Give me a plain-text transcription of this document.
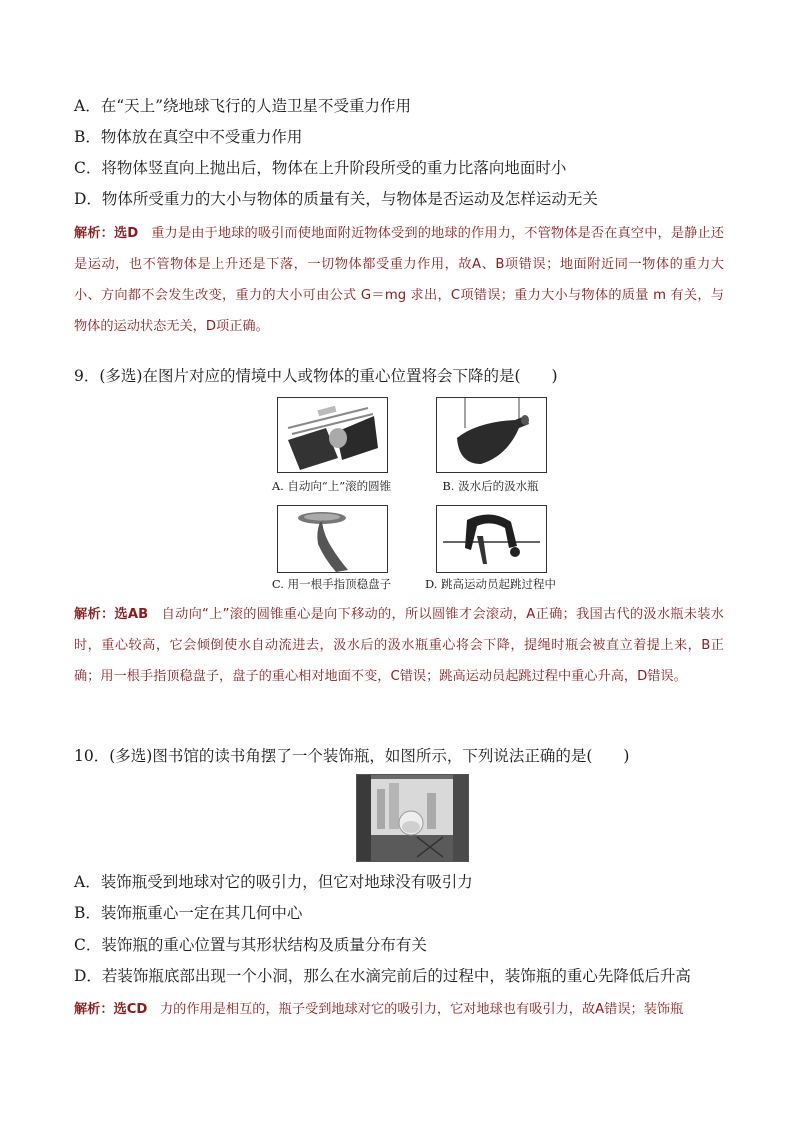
A．在“天上”绕地球飞行的人造卫星不受重力作用
B．物体放在真空中不受重力作用
C．将物体竖直向上抛出后，物体在上升阶段所受的重力比落向地面时小
D．物体所受重力的大小与物体的质量有关，与物体是否运动及怎样运动无关
解析：选D 重力是由于地球的吸引而使地面附近物体受到的地球的作用力，不管物体是否在真空中，是静止还是运动，也不管物体是上升还是下落，一切物体都受重力作用，故A、B项错误；地面附近同一物体的重力大小、方向都不会发生改变，重力的大小可由公式 G＝mg 求出，C项错误；重力大小与物体的质量 m 有关，与物体的运动状态无关，D项正确。
9．(多选)在图片对应的情境中人或物体的重心位置将会下降的是(　　)
A. 自动向“上”滚的圆锥	B. 汲水后的汲水瓶
C. 用一根手指顶稳盘子	D. 跳高运动员起跳过程中
解析：选AB 自动向“上”滚的圆锥重心是向下移动的，所以圆锥才会滚动，A正确；我国古代的汲水瓶未装水时，重心较高，它会倾倒使水自动流进去，汲水后的汲水瓶重心将会下降，提绳时瓶会被直立着提上来，B正确；用一根手指顶稳盘子，盘子的重心相对地面不变，C错误；跳高运动员起跳过程中重心升高，D错误。
10．(多选)图书馆的读书角摆了一个装饰瓶，如图所示，下列说法正确的是(　　)
A．装饰瓶受到地球对它的吸引力，但它对地球没有吸引力
B．装饰瓶重心一定在其几何中心
C．装饰瓶的重心位置与其形状结构及质量分布有关
D．若装饰瓶底部出现一个小洞，那么在水滴完前后的过程中，装饰瓶的重心先降低后升高
解析：选CD 力的作用是相互的，瓶子受到地球对它的吸引力，它对地球也有吸引力，故A错误；装饰瓶
